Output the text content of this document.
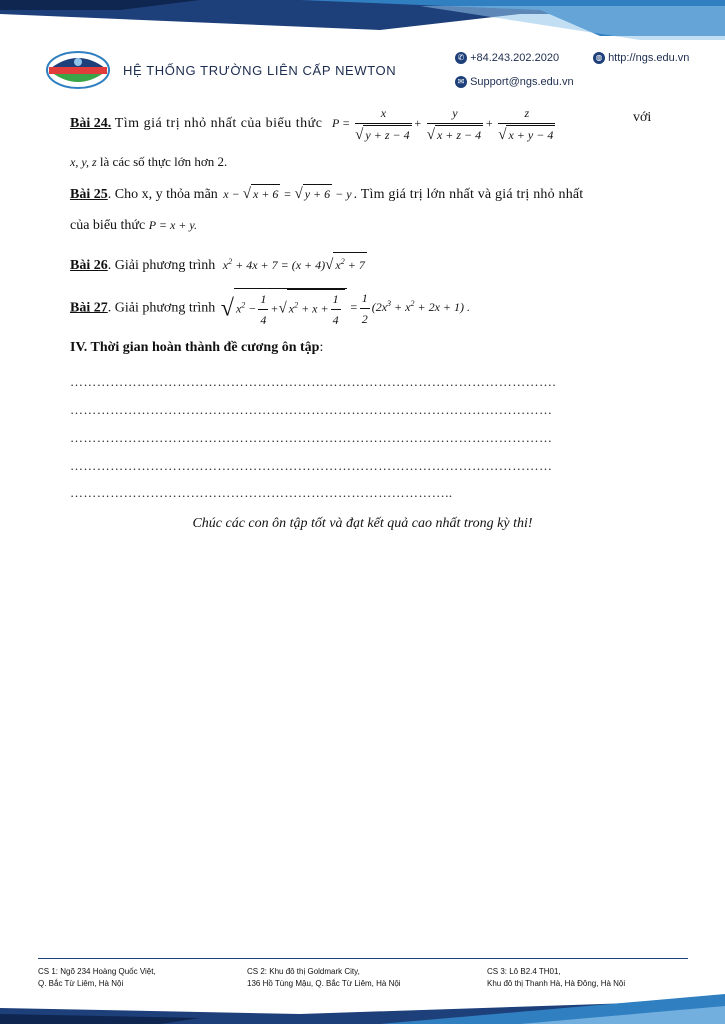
HỆ THỐNG TRƯỜNG LIÊN CẤP NEWTON
✆ +84.243.202.2020	◍ http://ngs.edu.vn
✉ Support@ngs.edu.vn
Bài 24. Tìm giá trị nhỏ nhất của biểu thức $P = \frac{x}{√ y + z - 4} + \frac{y}{√ x + z - 4} + \frac{z}{√ x + y - 4}$	với
x, y, z là các số thực lớn hơn 2.
Bài 25. Cho x, y thỏa mãn x − √ x + 6 = √ y + 6 − y . Tìm giá trị lớn nhất và giá trị nhỏ nhất
của biểu thức P = x + y.
Bài 26. Giải phương trình $x^2 + 4x + 7 = (x + 4)√$ $x^2 + 7$
Bài 27. Giải phương trình √ $x^2 - \frac{1}{4}$ +√ $x^2 + x + \frac{1}{4} = \frac{1}{2} (2x^3 + x^2 + 2x + 1)$ .
IV. Thời gian hoàn thành đề cương ôn tập:
……………………………………………………………………………………………….
………………………………………………………………………………………………
………………………………………………………………………………………………
………………………………………………………………………………………………
…………………………………………………………………………..
Chúc các con ôn tập tốt và đạt kết quả cao nhất trong kỳ thi!
CS 1: Ngõ 234 Hoàng Quốc Việt,
Q. Bắc Từ Liêm, Hà Nội
CS 2: Khu đô thị Goldmark City,
136 Hồ Tùng Mậu, Q. Bắc Từ Liêm, Hà Nội
CS 3: Lô B2.4 TH01,
Khu đô thị Thanh Hà, Hà Đông, Hà Nội
